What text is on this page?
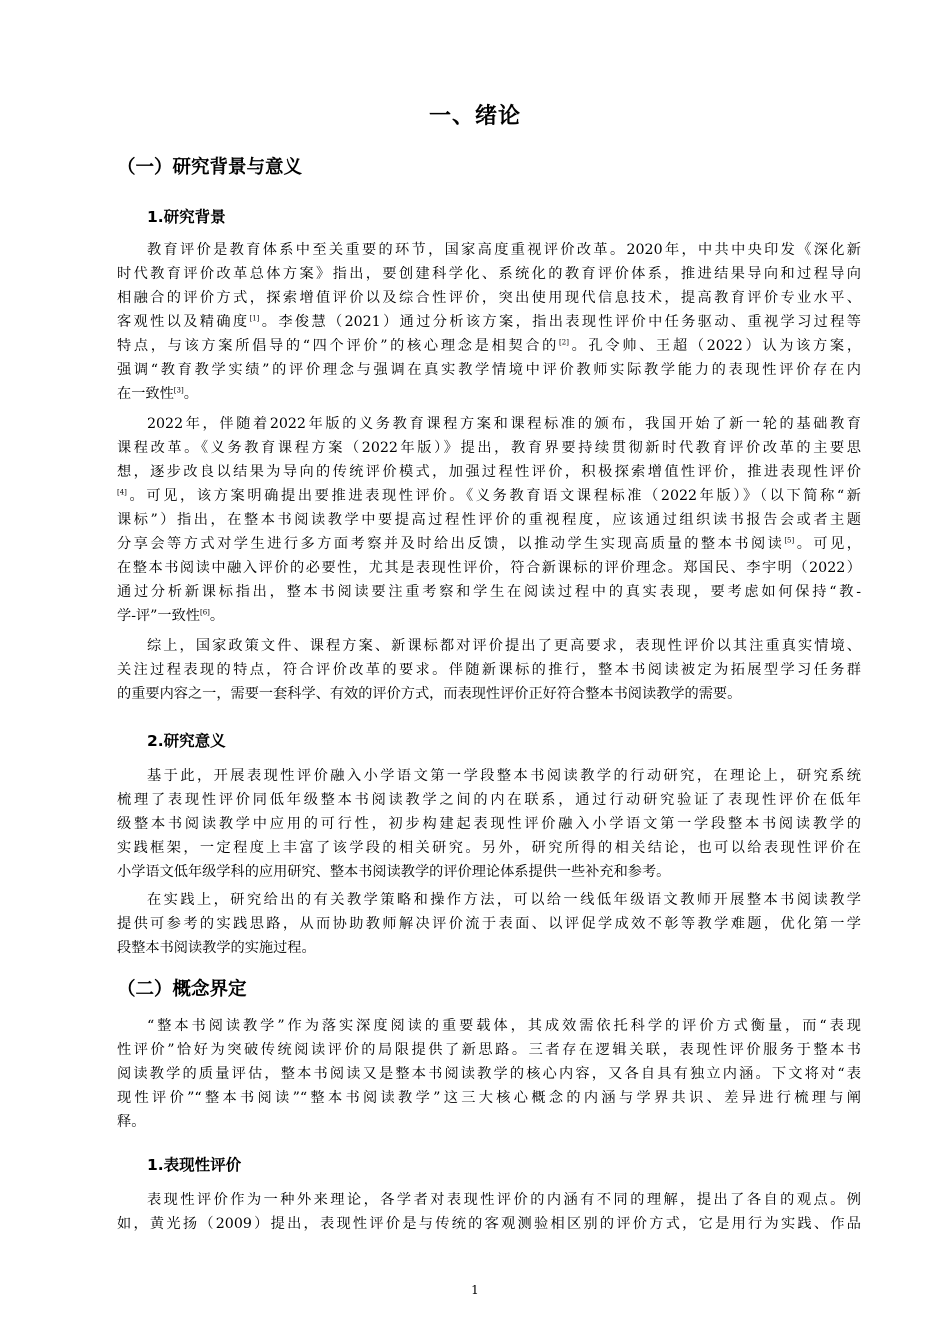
一、绪论
（一）研究背景与意义
1.研究背景
教育评价是教育体系中至关重要的环节，国家高度重视评价改革。2020年，中共中央印发《深化新
时代教育评价改革总体方案》指出，要创建科学化、系统化的教育评价体系，推进结果导向和过程导向
相融合的评价方式，探索增值评价以及综合性评价，突出使用现代信息技术，提高教育评价专业水平、
客观性以及精确度[1]。李俊慧（2021）通过分析该方案，指出表现性评价中任务驱动、重视学习过程等
特点，与该方案所倡导的“四个评价”的核心理念是相契合的[2]。孔令帅、王超（2022）认为该方案，
强调“教育教学实绩”的评价理念与强调在真实教学情境中评价教师实际教学能力的表现性评价存在内
在一致性[3]。
2022年，伴随着2022年版的义务教育课程方案和课程标准的颁布，我国开始了新一轮的基础教育
课程改革。《义务教育课程方案（2022年版）》提出，教育界要持续贯彻新时代教育评价改革的主要思
想，逐步改良以结果为导向的传统评价模式，加强过程性评价，积极探索增值性评价，推进表现性评价
[4]。可见，该方案明确提出要推进表现性评价。《义务教育语文课程标准（2022年版）》（以下简称“新
课标”）指出，在整本书阅读教学中要提高过程性评价的重视程度，应该通过组织读书报告会或者主题
分享会等方式对学生进行多方面考察并及时给出反馈，以推动学生实现高质量的整本书阅读[5]。可见，
在整本书阅读中融入评价的必要性，尤其是表现性评价，符合新课标的评价理念。郑国民、李宇明（2022）
通过分析新课标指出，整本书阅读要注重考察和学生在阅读过程中的真实表现，要考虑如何保持“教-
学-评”一致性[6]。
综上，国家政策文件、课程方案、新课标都对评价提出了更高要求，表现性评价以其注重真实情境、
关注过程表现的特点，符合评价改革的要求。伴随新课标的推行，整本书阅读被定为拓展型学习任务群
的重要内容之一，需要一套科学、有效的评价方式，而表现性评价正好符合整本书阅读教学的需要。
2.研究意义
基于此，开展表现性评价融入小学语文第一学段整本书阅读教学的行动研究，在理论上，研究系统
梳理了表现性评价同低年级整本书阅读教学之间的内在联系，通过行动研究验证了表现性评价在低年
级整本书阅读教学中应用的可行性，初步构建起表现性评价融入小学语文第一学段整本书阅读教学的
实践框架，一定程度上丰富了该学段的相关研究。另外，研究所得的相关结论，也可以给表现性评价在
小学语文低年级学科的应用研究、整本书阅读教学的评价理论体系提供一些补充和参考。
在实践上，研究给出的有关教学策略和操作方法，可以给一线低年级语文教师开展整本书阅读教学
提供可参考的实践思路，从而协助教师解决评价流于表面、以评促学成效不彰等教学难题，优化第一学
段整本书阅读教学的实施过程。
（二）概念界定
“整本书阅读教学”作为落实深度阅读的重要载体，其成效需依托科学的评价方式衡量，而“表现
性评价”恰好为突破传统阅读评价的局限提供了新思路。三者存在逻辑关联，表现性评价服务于整本书
阅读教学的质量评估，整本书阅读又是整本书阅读教学的核心内容，又各自具有独立内涵。下文将对“表
现性评价”“整本书阅读”“整本书阅读教学”这三大核心概念的内涵与学界共识、差异进行梳理与阐
释。
1.表现性评价
表现性评价作为一种外来理论，各学者对表现性评价的内涵有不同的理解，提出了各自的观点。例
如，黄光扬（2009）提出，表现性评价是与传统的客观测验相区别的评价方式，它是用行为实践、作品
1
